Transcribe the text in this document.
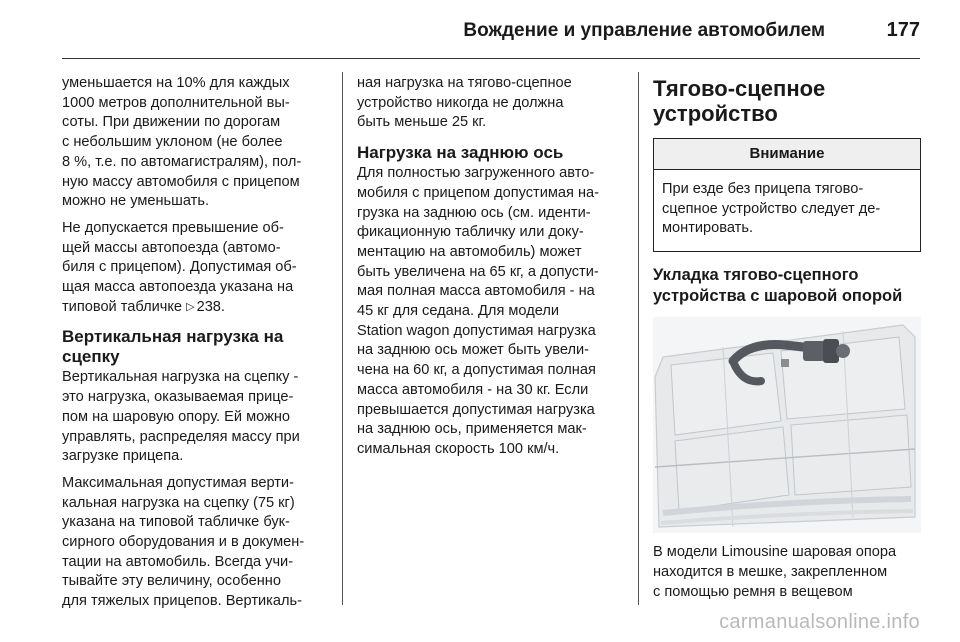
Вождение и управление автомобилем	177
уменьшается на 10% для каждых
1000 метров дополнительной вы-
соты. При движении по дорогам
с небольшим уклоном (не более
8 %, т.е. по автомагистралям), пол-
ную массу автомобиля с прицепом
можно не уменьшать.
Не допускается превышение об-
щей массы автопоезда (автомо-
биля с прицепом). Допустимая об-
щая масса автопоезда указана на
типовой табличке ▷ 238.
Вертикальная нагрузка на
сцепку
Вертикальная нагрузка на сцепку -
это нагрузка, оказываемая прице-
пом на шаровую опору. Ей можно
управлять, распределяя массу при
загрузке прицепа.
Максимальная допустимая верти-
кальная нагрузка на сцепку (75 кг)
указана на типовой табличке бук-
сирного оборудования и в докумен-
тации на автомобиль. Всегда учи-
тывайте эту величину, особенно
для тяжелых прицепов. Вертикаль-
ная нагрузка на тягово-сцепное
устройство никогда не должна
быть меньше 25 кг.
Нагрузка на заднюю ось
Для полностью загруженного авто-
мобиля с прицепом допустимая на-
грузка на заднюю ось (см. иденти-
фикационную табличку или доку-
ментацию на автомобиль) может
быть увеличена на 65 кг, а допусти-
мая полная масса автомобиля - на
45 кг для седана. Для модели
Station wagon допустимая нагрузка
на заднюю ось может быть увели-
чена на 60 кг, а допустимая полная
масса автомобиля - на 30 кг. Если
превышается допустимая нагрузка
на заднюю ось, применяется мак-
симальная скорость 100 км/ч.
Тягово-сцепное
устройство
Внимание
При езде без прицепа тягово-
сцепное устройство следует де-
монтировать.
Укладка тягово-сцепного
устройства с шаровой опорой
В модели Limousine шаровая опора
находится в мешке, закрепленном
с помощью ремня в вещевом
carmanualsonline.info
